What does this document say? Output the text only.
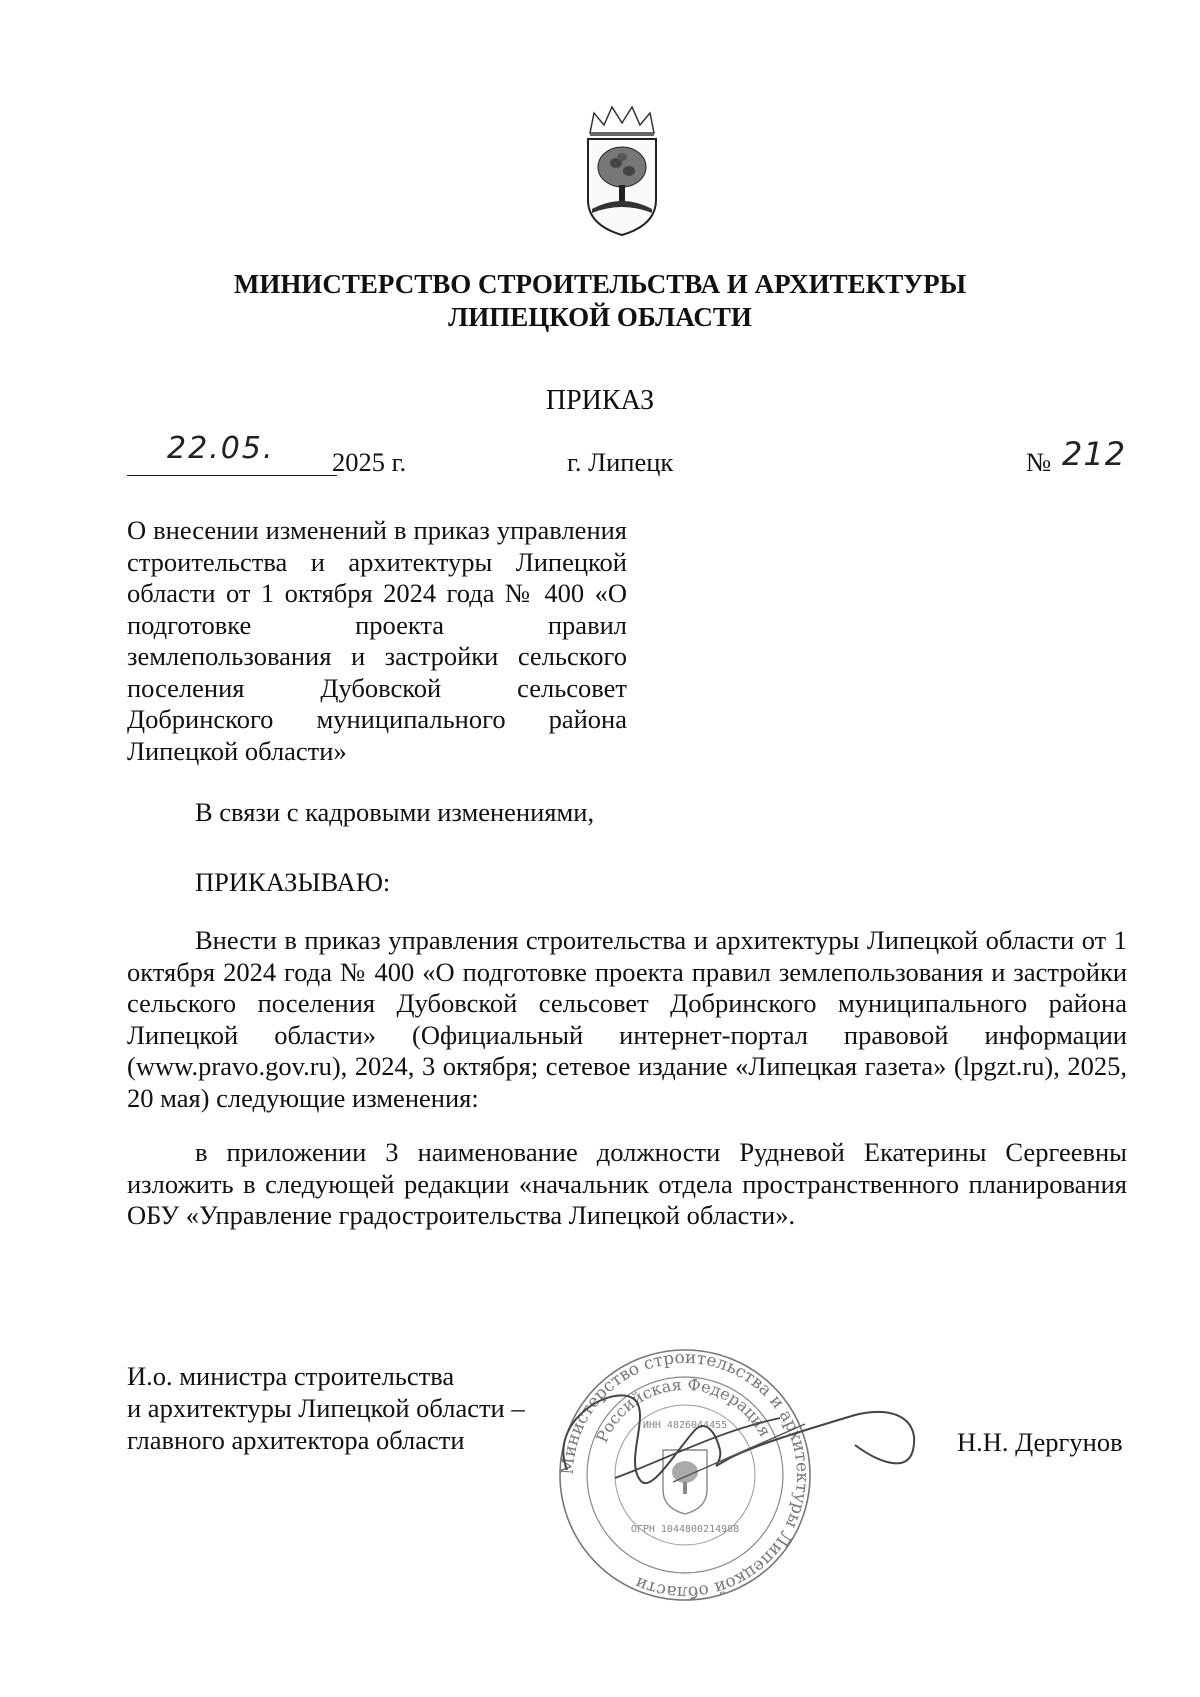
МИНИСТЕРСТВО СТРОИТЕЛЬСТВА И АРХИТЕКТУРЫ
ЛИПЕЦКОЙ ОБЛАСТИ
ПРИКАЗ
22.05. 2025 г.	г. Липецк	№ 212
О внесении изменений в приказ управления строительства и архитектуры Липецкой области от 1 октября 2024 года № 400 «О подготовке проекта правил землепользования и застройки сельского поселения Дубовской сельсовет Добринского муниципального района Липецкой области»
В связи с кадровыми изменениями,
ПРИКАЗЫВАЮ:
Внести в приказ управления строительства и архитектуры Липецкой области от 1 октября 2024 года № 400 «О подготовке проекта правил землепользования и застройки сельского поселения Дубовской сельсовет Добринского муниципального района Липецкой области» (Официальный интернет-портал правовой информации (www.pravo.gov.ru), 2024, 3 октября; сетевое издание «Липецкая газета» (lpgzt.ru), 2025, 20 мая) следующие изменения:
в приложении 3 наименование должности Рудневой Екатерины Сергеевны изложить в следующей редакции «начальник отдела пространственного планирования ОБУ «Управление градостроительства Липецкой области».
И.о. министра строительства
и архитектуры Липецкой области –
главного архитектора области
Министерство строительства и архитектуры Липецкой области
Российская Федерация
ИНН 4826044455
ОГРН 1044800214988
Н.Н. Дергунов
